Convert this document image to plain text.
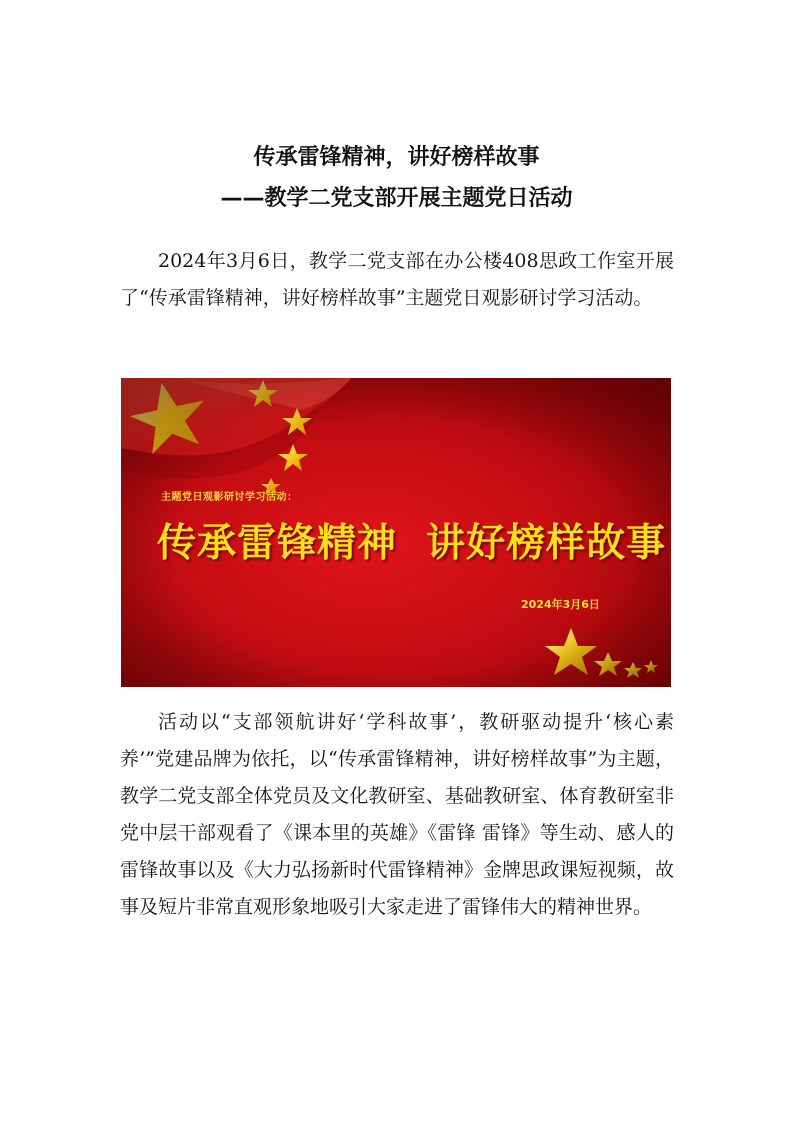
传承雷锋精神，讲好榜样故事
——教学二党支部开展主题党日活动

2024年3月6日，教学二党支部在办公楼408思政工作室开展了“传承雷锋精神，讲好榜样故事”主题党日观影研讨学习活动。

主题党日观影研讨学习活动：
传承雷锋精神  讲好榜样故事
2024年3月6日

活动以“支部领航讲好‘学科故事’，教研驱动提升‘核心素养’”党建品牌为依托，以“传承雷锋精神，讲好榜样故事”为主题，教学二党支部全体党员及文化教研室、基础教研室、体育教研室非党中层干部观看了《课本里的英雄》《雷锋 雷锋》等生动、感人的雷锋故事以及《大力弘扬新时代雷锋精神》金牌思政课短视频，故事及短片非常直观形象地吸引大家走进了雷锋伟大的精神世界。
